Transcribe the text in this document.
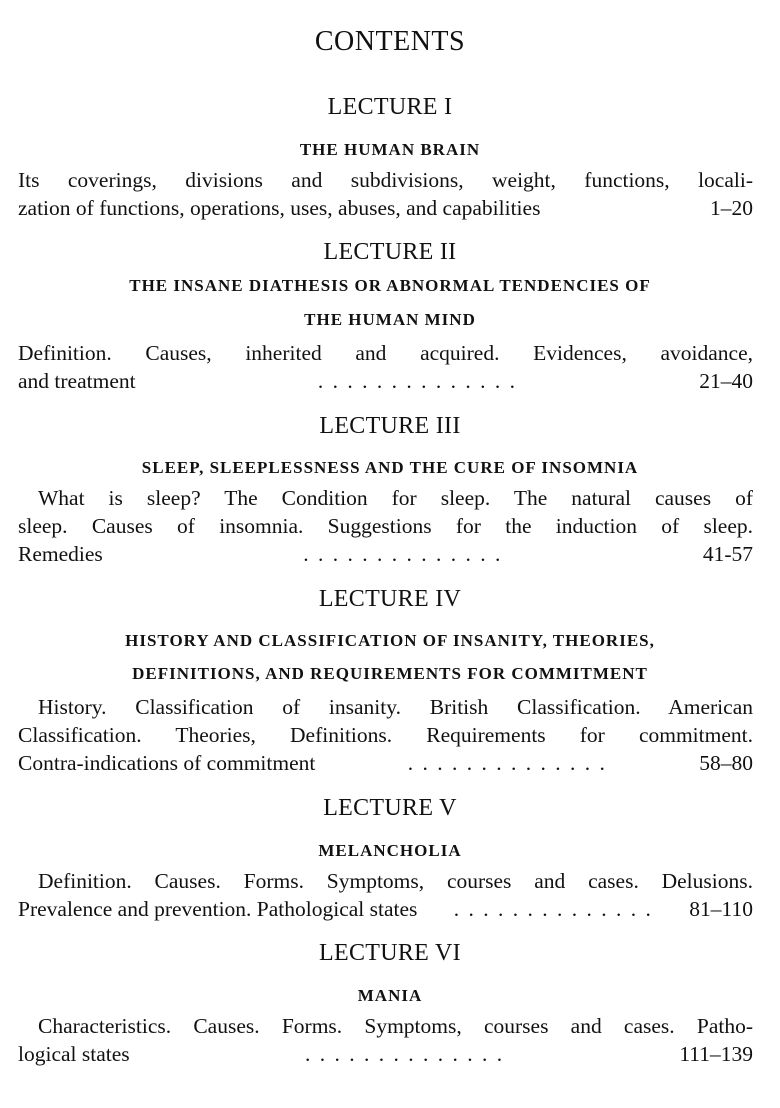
CONTENTS
LECTURE I
THE HUMAN BRAIN
Its coverings, divisions and subdivisions, weight, functions, locali-
zation of functions, operations, uses, abuses, and capabilities	1–20
LECTURE II
THE INSANE DIATHESIS OR ABNORMAL TENDENCIES OF
THE HUMAN MIND
Definition. Causes, inherited and acquired. Evidences, avoidance,
and treatment	. . . . . . . . . . . . . .	21–40
LECTURE III
SLEEP, SLEEPLESSNESS AND THE CURE OF INSOMNIA
What is sleep? The Condition for sleep. The natural causes of
sleep. Causes of insomnia. Suggestions for the induction of sleep.
Remedies	. . . . . . . . . . . . . .	41-57
LECTURE IV
HISTORY AND CLASSIFICATION OF INSANITY, THEORIES,
DEFINITIONS, AND REQUIREMENTS FOR COMMITMENT
History. Classification of insanity. British Classification. American
Classification. Theories, Definitions. Requirements for commitment.
Contra-indications of commitment	. . . . . . . . . . . . . .	58–80
LECTURE V
MELANCHOLIA
Definition. Causes. Forms. Symptoms, courses and cases. Delusions.
Prevalence and prevention. Pathological states	. . . . . . . . . . . . . .	81–110
LECTURE VI
MANIA
Characteristics. Causes. Forms. Symptoms, courses and cases. Patho-
logical states	. . . . . . . . . . . . . .	111–139
